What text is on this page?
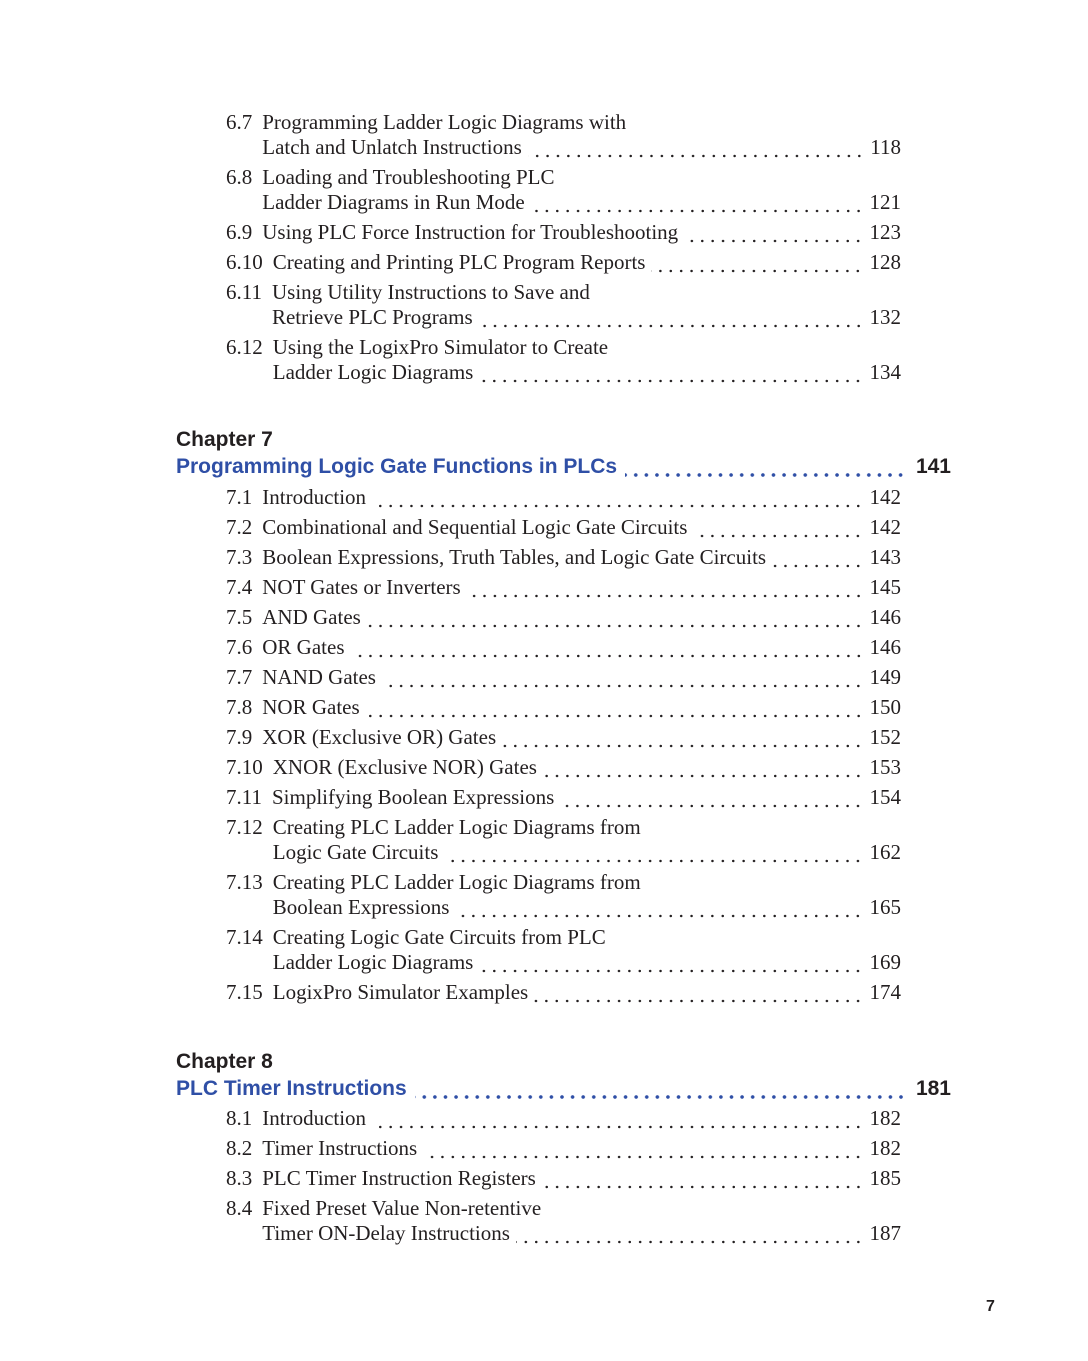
6.7 Programming Ladder Logic Diagrams with
Latch and Unlatch Instructions	118
6.8 Loading and Troubleshooting PLC
Ladder Diagrams in Run Mode	121
6.9 Using PLC Force Instruction for Troubleshooting	123
6.10 Creating and Printing PLC Program Reports	128
6.11 Using Utility Instructions to Save and
Retrieve PLC Programs	132
6.12 Using the LogixPro Simulator to Create
Ladder Logic Diagrams	134
Chapter 7
Programming Logic Gate Functions in PLCs	141
7.1 Introduction	142
7.2 Combinational and Sequential Logic Gate Circuits	142
7.3 Boolean Expressions, Truth Tables, and Logic Gate Circuits	143
7.4 NOT Gates or Inverters	145
7.5 AND Gates	146
7.6 OR Gates	146
7.7 NAND Gates	149
7.8 NOR Gates	150
7.9 XOR (Exclusive OR) Gates	152
7.10 XNOR (Exclusive NOR) Gates	153
7.11 Simplifying Boolean Expressions	154
7.12 Creating PLC Ladder Logic Diagrams from
Logic Gate Circuits	162
7.13 Creating PLC Ladder Logic Diagrams from
Boolean Expressions	165
7.14 Creating Logic Gate Circuits from PLC
Ladder Logic Diagrams	169
7.15 LogixPro Simulator Examples	174
Chapter 8
PLC Timer Instructions	181
8.1 Introduction	182
8.2 Timer Instructions	182
8.3 PLC Timer Instruction Registers	185
8.4 Fixed Preset Value Non-retentive
Timer ON-Delay Instructions	187
7
